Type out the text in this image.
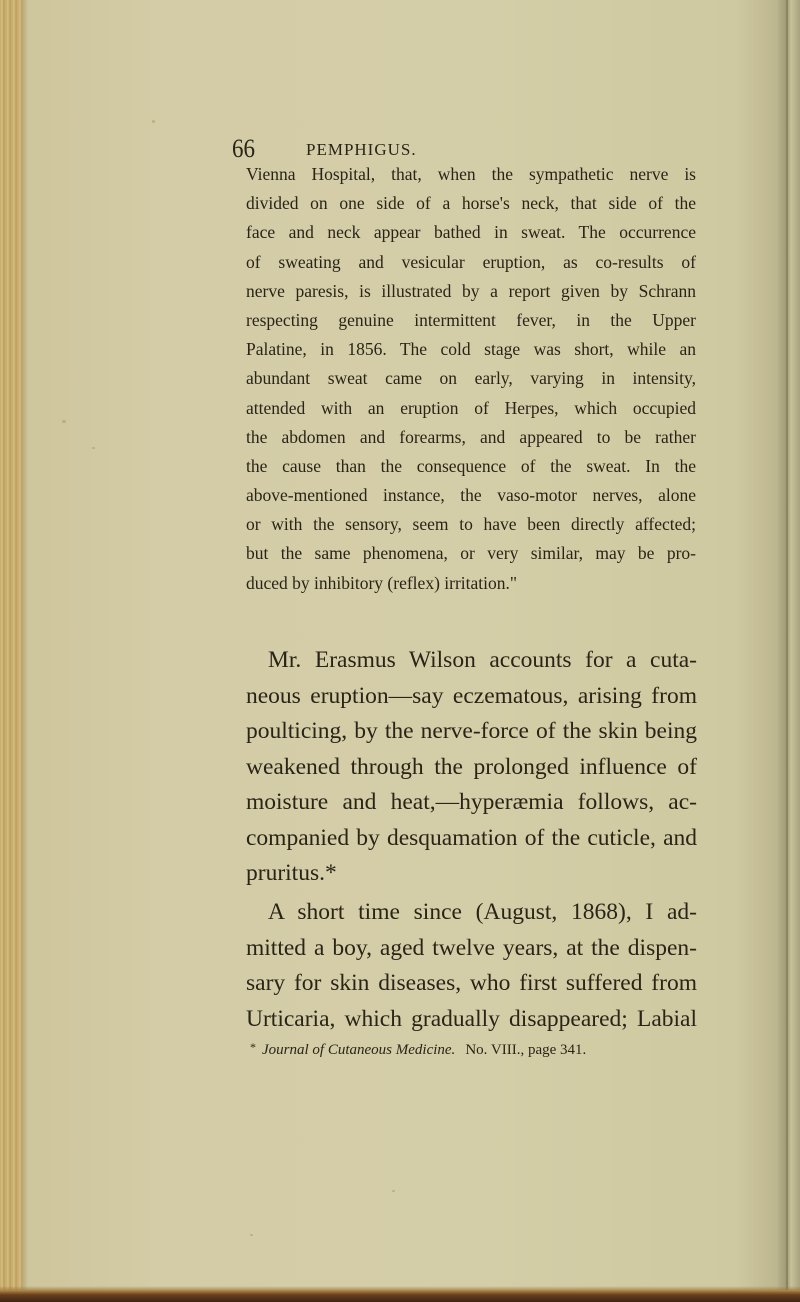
66	PEMPHIGUS.
Vienna Hospital, that, when the sympathetic nerve is
divided on one side of a horse's neck, that side of the
face and neck appear bathed in sweat. The occurrence
of sweating and vesicular eruption, as co-results of
nerve paresis, is illustrated by a report given by Schrann
respecting genuine intermittent fever, in the Upper
Palatine, in 1856. The cold stage was short, while an
abundant sweat came on early, varying in intensity,
attended with an eruption of Herpes, which occupied
the abdomen and forearms, and appeared to be rather
the cause than the consequence of the sweat. In the
above-mentioned instance, the vaso-motor nerves, alone
or with the sensory, seem to have been directly affected;
but the same phenomena, or very similar, may be pro-
duced by inhibitory (reflex) irritation."
Mr. Erasmus Wilson accounts for a cuta-
neous eruption—say eczematous, arising from
poulticing, by the nerve-force of the skin being
weakened through the prolonged influence of
moisture and heat,—hyperæmia follows, ac-
companied by desquamation of the cuticle, and
pruritus.*
A short time since (August, 1868), I ad-
mitted a boy, aged twelve years, at the dispen-
sary for skin diseases, who first suffered from
Urticaria, which gradually disappeared; Labial
* Journal of Cutaneous Medicine. No. VIII., page 341.
